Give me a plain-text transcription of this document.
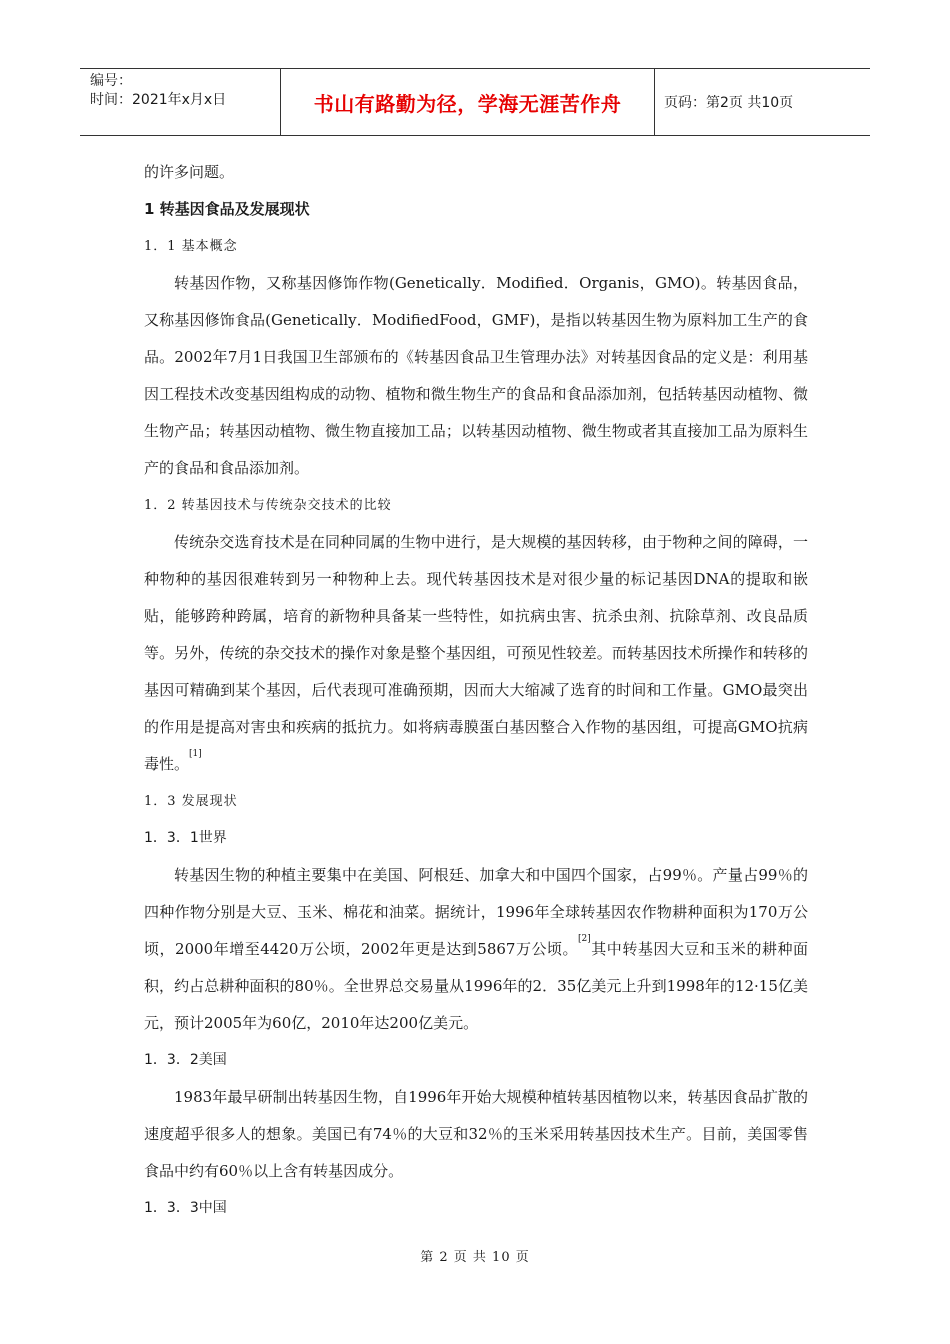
编号：
时间：2021年x月x日	书山有路勤为径，学海无涯苦作舟	页码：第2页 共10页

的许多问题。

1 转基因食品及发展现状

1．1 基本概念

转基因作物，又称基因修饰作物(Genetically．Modified．Organis，GMO)。转基因食品，又称基因修饰食品(Genetically．ModifiedFood，GMF)，是指以转基因生物为原料加工生产的食品。2002年7月1日我国卫生部颁布的《转基因食品卫生管理办法》对转基因食品的定义是：利用基因工程技术改变基因组构成的动物、植物和微生物生产的食品和食品添加剂，包括转基因动植物、微生物产品；转基因动植物、微生物直接加工品；以转基因动植物、微生物或者其直接加工品为原料生产的食品和食品添加剂。

1．2 转基因技术与传统杂交技术的比较

传统杂交选育技术是在同种同属的生物中进行，是大规模的基因转移，由于物种之间的障碍，一种物种的基因很难转到另一种物种上去。现代转基因技术是对很少量的标记基因DNA的提取和嵌贴，能够跨种跨属，培育的新物种具备某一些特性，如抗病虫害、抗杀虫剂、抗除草剂、改良品质等。另外，传统的杂交技术的操作对象是整个基因组，可预见性较差。而转基因技术所操作和转移的基因可精确到某个基因，后代表现可准确预期，因而大大缩减了选育的时间和工作量。GMO最突出的作用是提高对害虫和疾病的抵抗力。如将病毒膜蛋白基因整合入作物的基因组，可提高GMO抗病毒性。[1]

1．3 发展现状

1．3．1世界

转基因生物的种植主要集中在美国、阿根廷、加拿大和中国四个国家，占99％。产量占99％的四种作物分别是大豆、玉米、棉花和油菜。据统计，1996年全球转基因农作物耕种面积为170万公顷，2000年增至4420万公顷，2002年更是达到5867万公顷。[2]其中转基因大豆和玉米的耕种面积，约占总耕种面积的80％。全世界总交易量从1996年的2．35亿美元上升到1998年的12·15亿美元，预计2005年为60亿，2010年达200亿美元。

1．3．2美国

1983年最早研制出转基因生物，自1996年开始大规模种植转基因植物以来，转基因食品扩散的速度超乎很多人的想象。美国已有74％的大豆和32％的玉米采用转基因技术生产。目前，美国零售食品中约有60％以上含有转基因成分。

1．3．3中国

第 2 页 共 10 页
